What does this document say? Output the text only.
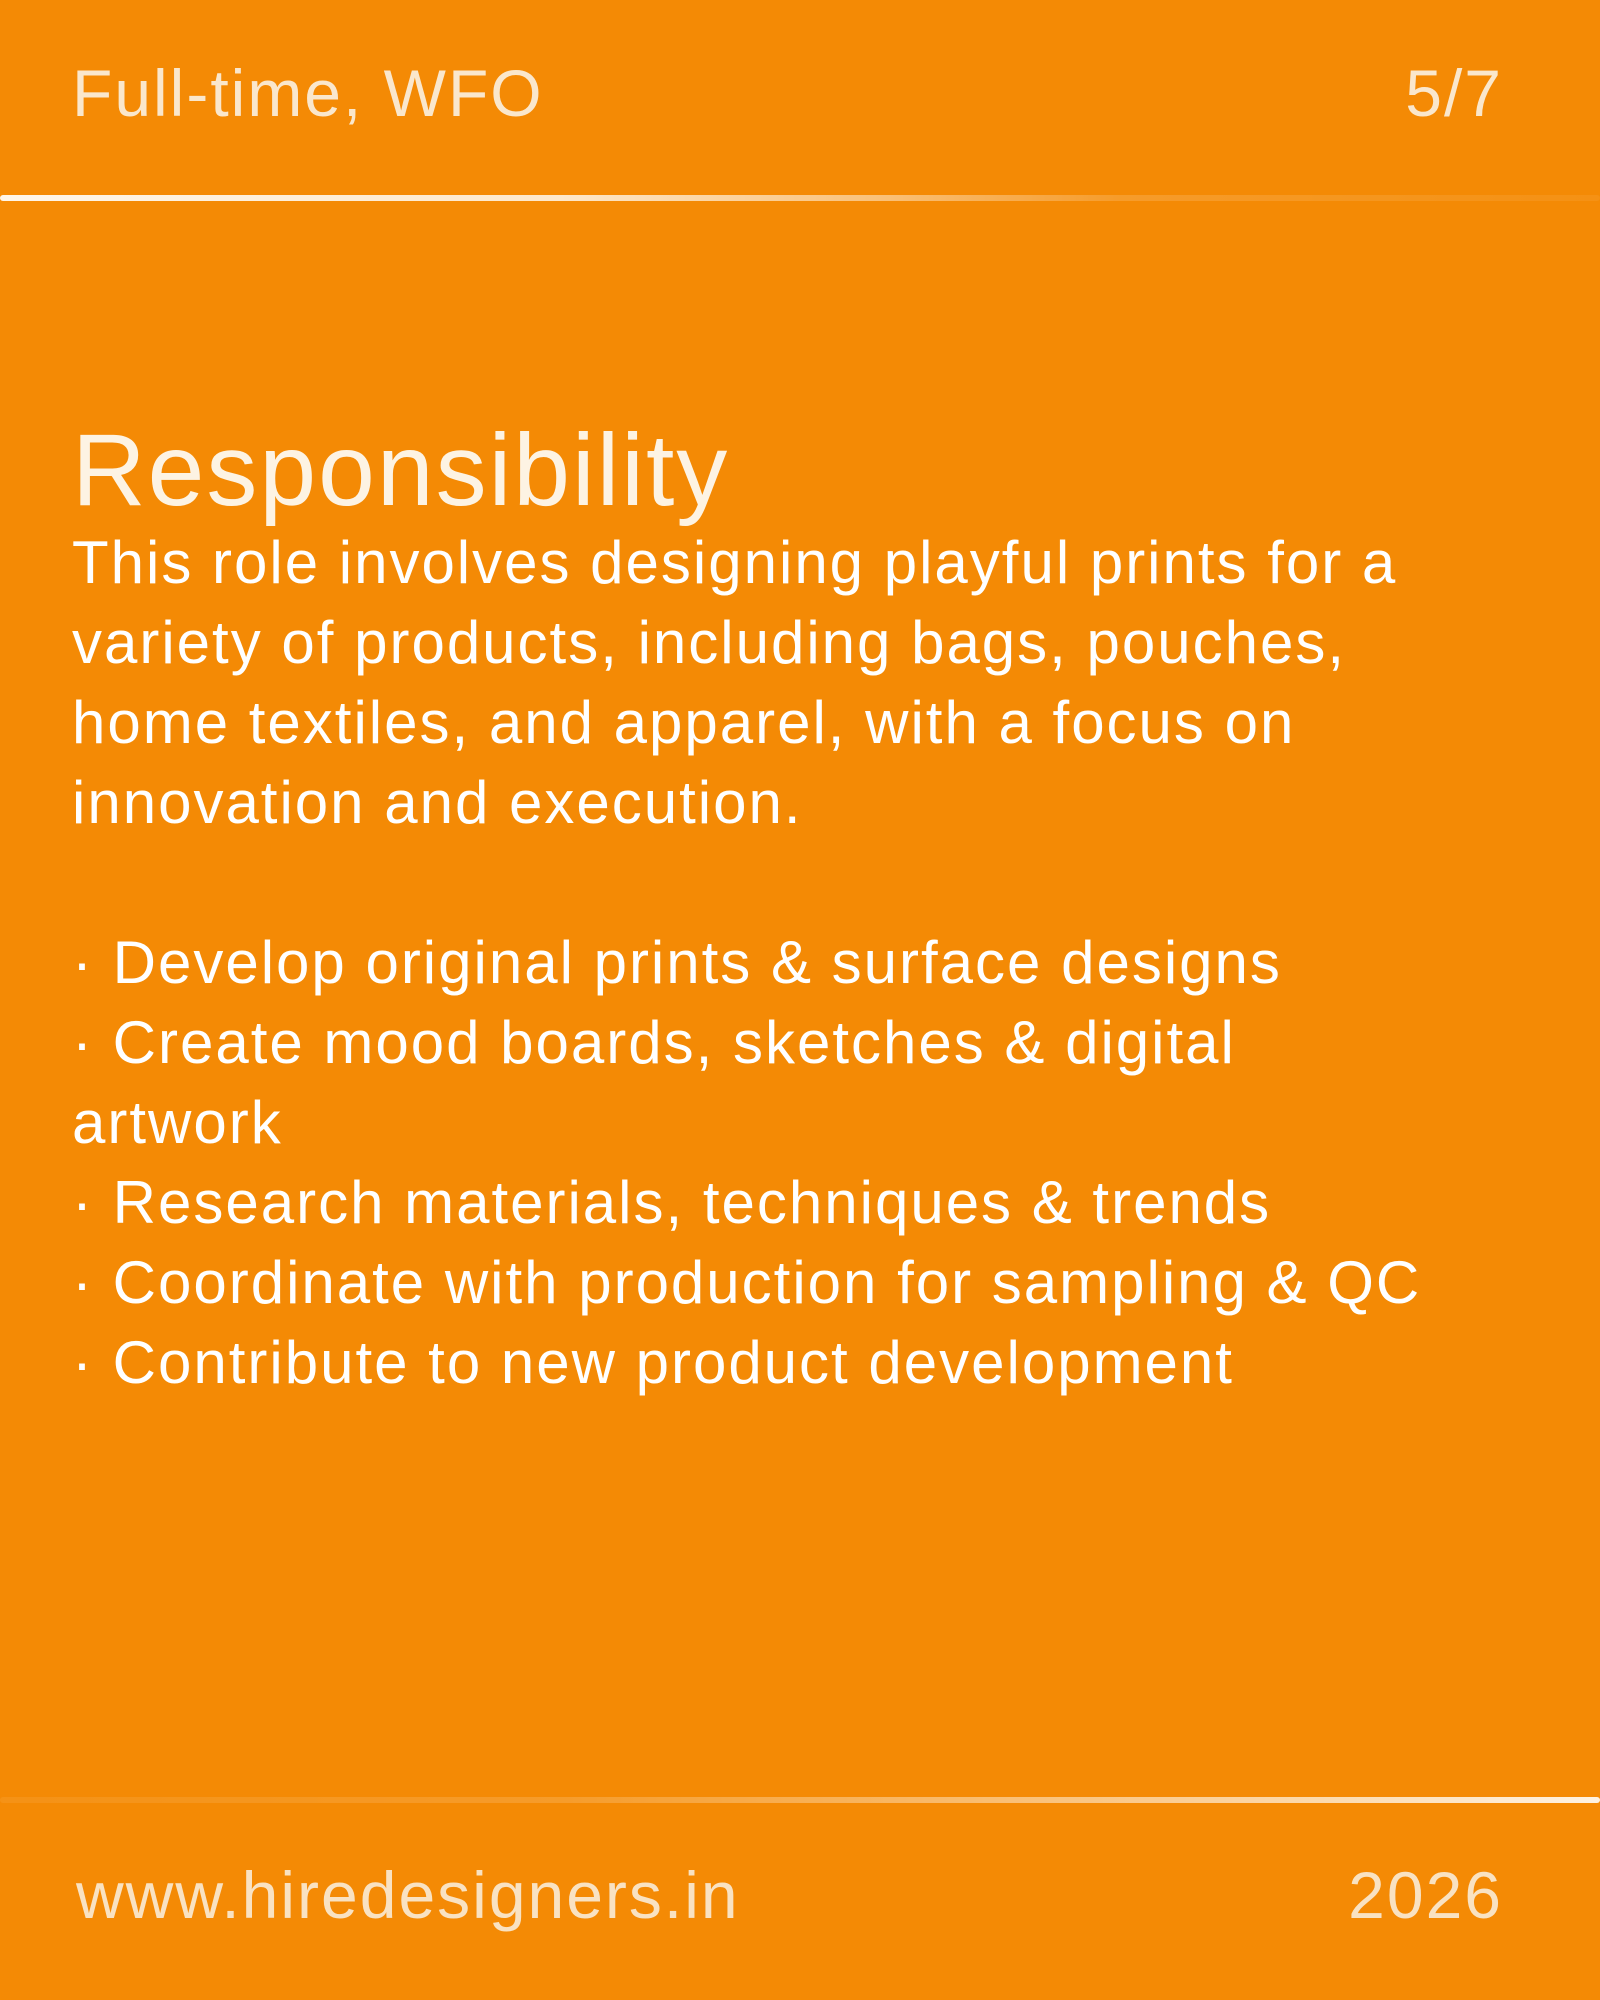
Full-time, WFO	5/7
Responsibility
This role involves designing playful prints for a
variety of products, including bags, pouches,
home textiles, and apparel, with a focus on
innovation and execution.
· Develop original prints & surface designs
· Create mood boards, sketches & digital
artwork
· Research materials, techniques & trends
· Coordinate with production for sampling & QC
· Contribute to new product development
www.hiredesigners.in	2026
